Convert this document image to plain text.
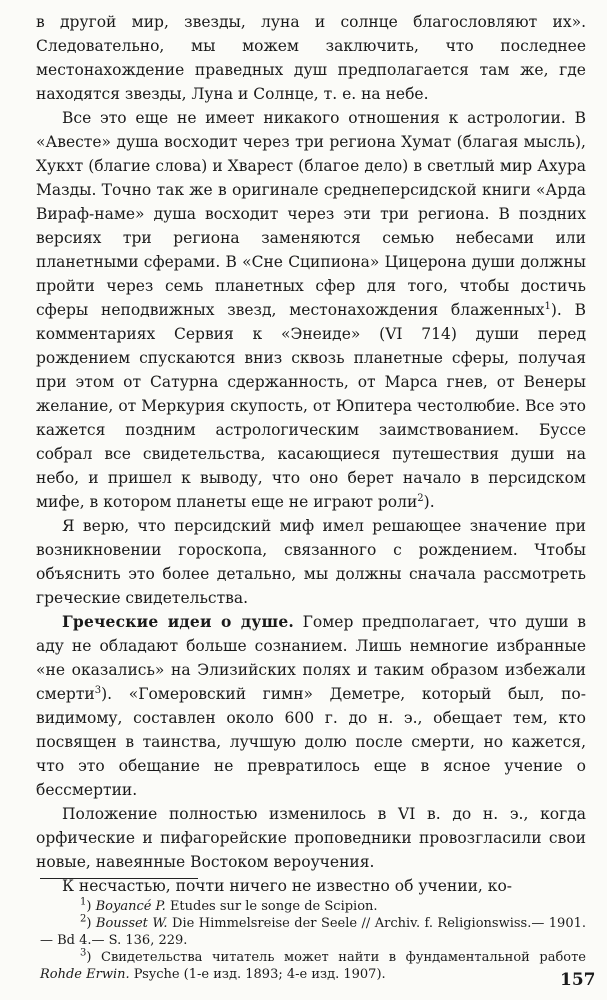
в другой мир, звезды, луна и солнце благословляют их». Следовательно, мы можем заключить, что последнее местонахождение праведных душ предполагается там же, где находятся звезды, Луна и Солнце, т. е. на небе.

Все это еще не имеет никакого отношения к астрологии. В «Авесте» душа восходит через три региона Хумат (благая мысль), Хукхт (благие слова) и Хварест (благое дело) в светлый мир Ахура Мазды. Точно так же в оригинале среднеперсидской книги «Арда Вираф-наме» душа восходит через эти три региона. В поздних версиях три региона заменяются семью небесами или планетными сферами. В «Сне Сципиона» Цицерона души должны пройти через семь планетных сфер для того, чтобы достичь сферы неподвижных звезд, местонахождения блаженных$^1$). В комментариях Сервия к «Энеиде» (VI 714) души перед рождением спускаются вниз сквозь планетные сферы, получая при этом от Сатурна сдержанность, от Марса гнев, от Венеры желание, от Меркурия скупость, от Юпитера честолюбие. Все это кажется поздним астрологическим заимствованием. Буссе собрал все свидетельства, касающиеся путешествия души на небо, и пришел к выводу, что оно берет начало в персидском мифе, в котором планеты еще не играют роли$^2$).

Я верю, что персидский миф имел решающее значение при возникновении гороскопа, связанного с рождением. Чтобы объяснить это более детально, мы должны сначала рассмотреть греческие свидетельства.

Греческие идеи о душе. Гомер предполагает, что души в аду не обладают больше сознанием. Лишь немногие избранные «не оказались» на Элизийских полях и таким образом избежали смерти$^3$). «Гомеровский гимн» Деметре, который был, по-видимому, составлен около 600 г. до н. э., обещает тем, кто посвящен в таинства, лучшую долю после смерти, но кажется, что это обещание не превратилось еще в ясное учение о бессмертии.

Положение полностью изменилось в VI в. до н. э., когда орфические и пифагорейские проповедники провозгласили свои новые, навеянные Востоком вероучения.

К несчастью, почти ничего не известно об учении, ко-

$^1$) Boyancé P. Etudes sur le songe de Scipion.

$^2$) Bousset W. Die Himmelsreise der Seele // Archiv. f. Religionswiss.— 1901.— Bd 4.— S. 136, 229.

$^3$) Свидетельства читатель может найти в фундаментальной работе Rohde Erwin. Psyche (1-е изд. 1893; 4-е изд. 1907).	157
